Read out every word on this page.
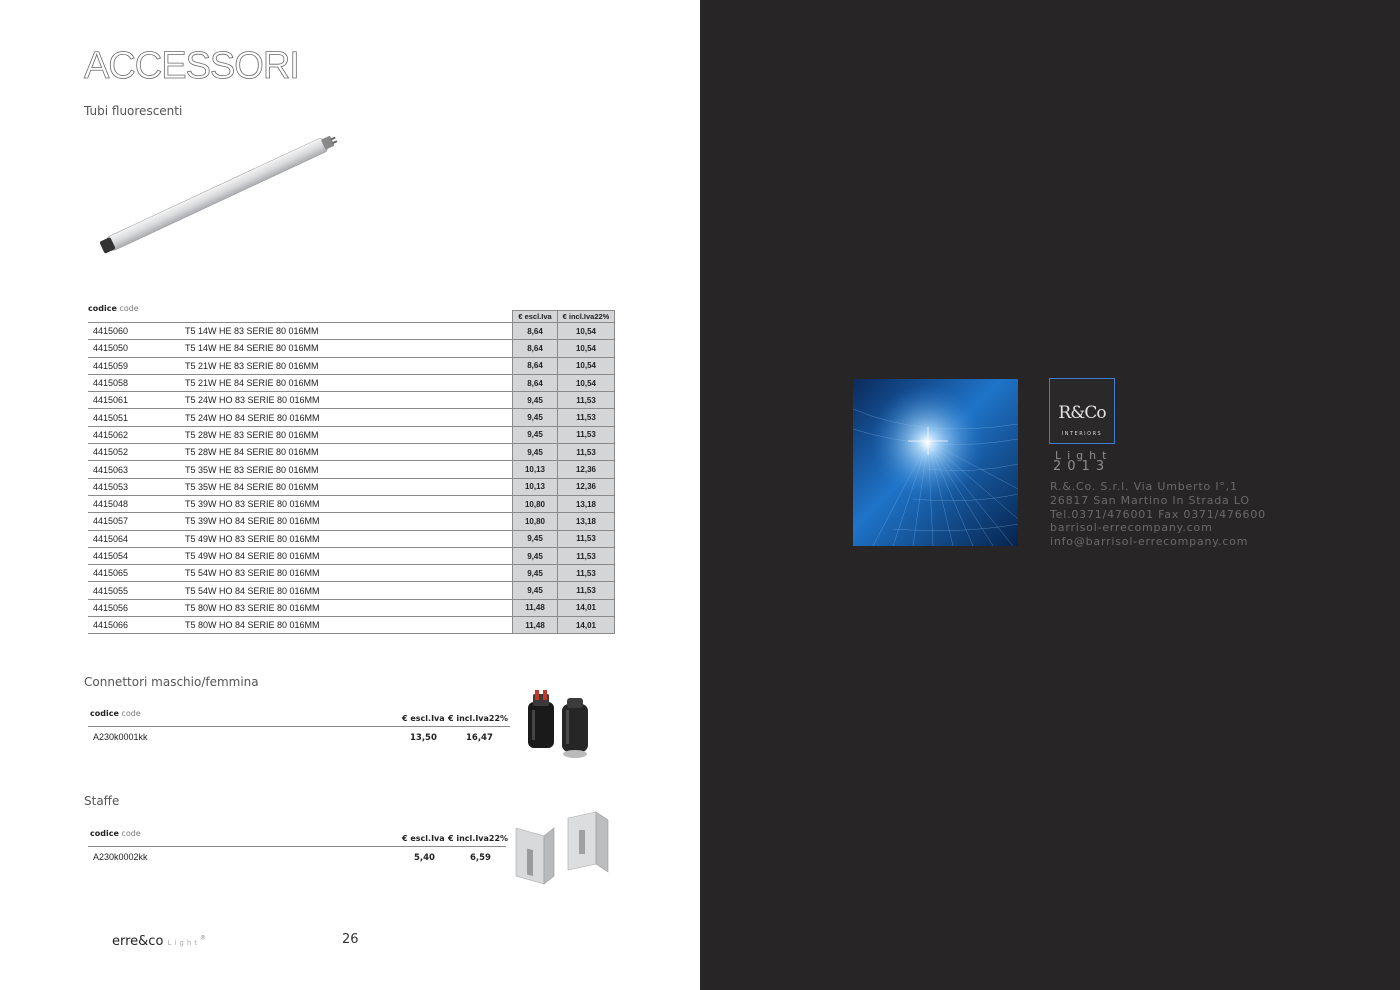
ACCESSORI
Tubi fluorescenti
codice code
		€ escl.Iva	€ incl.Iva22%
4415060	T5 14W HE 83 SERIE 80 016MM	8,64	10,54
4415050	T5 14W HE 84 SERIE 80 016MM	8,64	10,54
4415059	T5 21W HE 83 SERIE 80 016MM	8,64	10,54
4415058	T5 21W HE 84 SERIE 80 016MM	8,64	10,54
4415061	T5 24W HO 83 SERIE 80 016MM	9,45	11,53
4415051	T5 24W HO 84 SERIE 80 016MM	9,45	11,53
4415062	T5 28W HE 83 SERIE 80 016MM	9,45	11,53
4415052	T5 28W HE 84 SERIE 80 016MM	9,45	11,53
4415063	T5 35W HE 83 SERIE 80 016MM	10,13	12,36
4415053	T5 35W HE 84 SERIE 80 016MM	10,13	12,36
4415048	T5 39W HO 83 SERIE 80 016MM	10,80	13,18
4415057	T5 39W HO 84 SERIE 80 016MM	10,80	13,18
4415064	T5 49W HO 83 SERIE 80 016MM	9,45	11,53
4415054	T5 49W HO 84 SERIE 80 016MM	9,45	11,53
4415065	T5 54W HO 83 SERIE 80 016MM	9,45	11,53
4415055	T5 54W HO 84 SERIE 80 016MM	9,45	11,53
4415056	T5 80W HO 83 SERIE 80 016MM	11,48	14,01
4415066	T5 80W HO 84 SERIE 80 016MM	11,48	14,01
Connettori maschio/femmina
codice code
€ escl.Iva € incl.Iva22%
A230k0001kk	13,50	16,47
Staffe
codice code
€ escl.Iva € incl.Iva22%
A230k0002kk	5,40	6,59
erre&co Light®	26
R&Co
INTERIORS
Light
2013
R.&.Co. S.r.l. Via Umberto I°,1
26817 San Martino In Strada LO
Tel.0371/476001 Fax 0371/476600
barrisol-errecompany.com
info@barrisol-errecompany.com
